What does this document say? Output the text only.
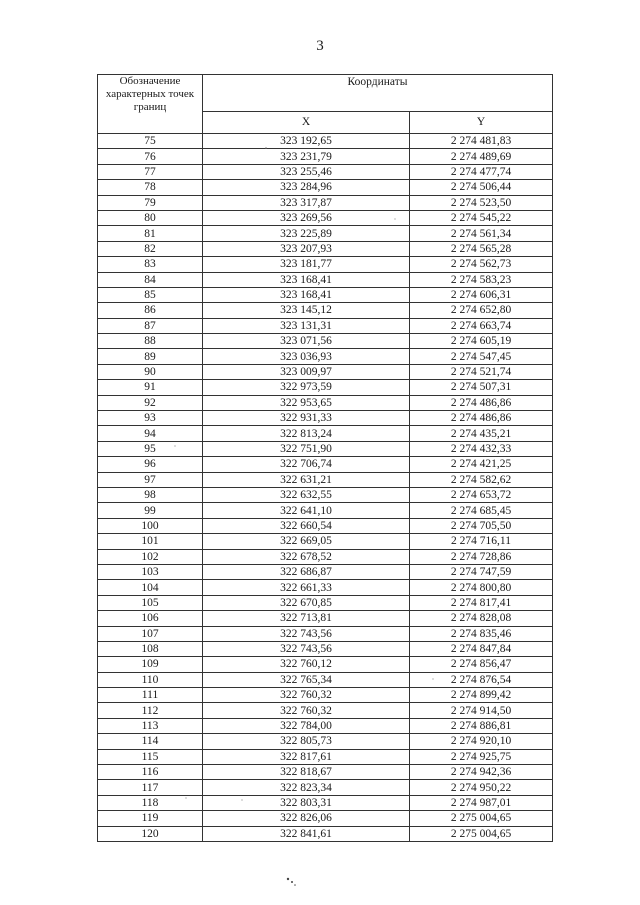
3
Обозначение характерных точек границ	Координаты	
	X	Y
75	323 192,65	2 274 481,83
76	323 231,79	2 274 489,69
77	323 255,46	2 274 477,74
78	323 284,96	2 274 506,44
79	323 317,87	2 274 523,50
80	323 269,56	2 274 545,22
81	323 225,89	2 274 561,34
82	323 207,93	2 274 565,28
83	323 181,77	2 274 562,73
84	323 168,41	2 274 583,23
85	323 168,41	2 274 606,31
86	323 145,12	2 274 652,80
87	323 131,31	2 274 663,74
88	323 071,56	2 274 605,19
89	323 036,93	2 274 547,45
90	323 009,97	2 274 521,74
91	322 973,59	2 274 507,31
92	322 953,65	2 274 486,86
93	322 931,33	2 274 486,86
94	322 813,24	2 274 435,21
95	322 751,90	2 274 432,33
96	322 706,74	2 274 421,25
97	322 631,21	2 274 582,62
98	322 632,55	2 274 653,72
99	322 641,10	2 274 685,45
100	322 660,54	2 274 705,50
101	322 669,05	2 274 716,11
102	322 678,52	2 274 728,86
103	322 686,87	2 274 747,59
104	322 661,33	2 274 800,80
105	322 670,85	2 274 817,41
106	322 713,81	2 274 828,08
107	322 743,56	2 274 835,46
108	322 743,56	2 274 847,84
109	322 760,12	2 274 856,47
110	322 765,34	2 274 876,54
111	322 760,32	2 274 899,42
112	322 760,32	2 274 914,50
113	322 784,00	2 274 886,81
114	322 805,73	2 274 920,10
115	322 817,61	2 274 925,75
116	322 818,67	2 274 942,36
117	322 823,34	2 274 950,22
118	322 803,31	2 274 987,01
119	322 826,06	2 275 004,65
120	322 841,61	2 275 004,65
